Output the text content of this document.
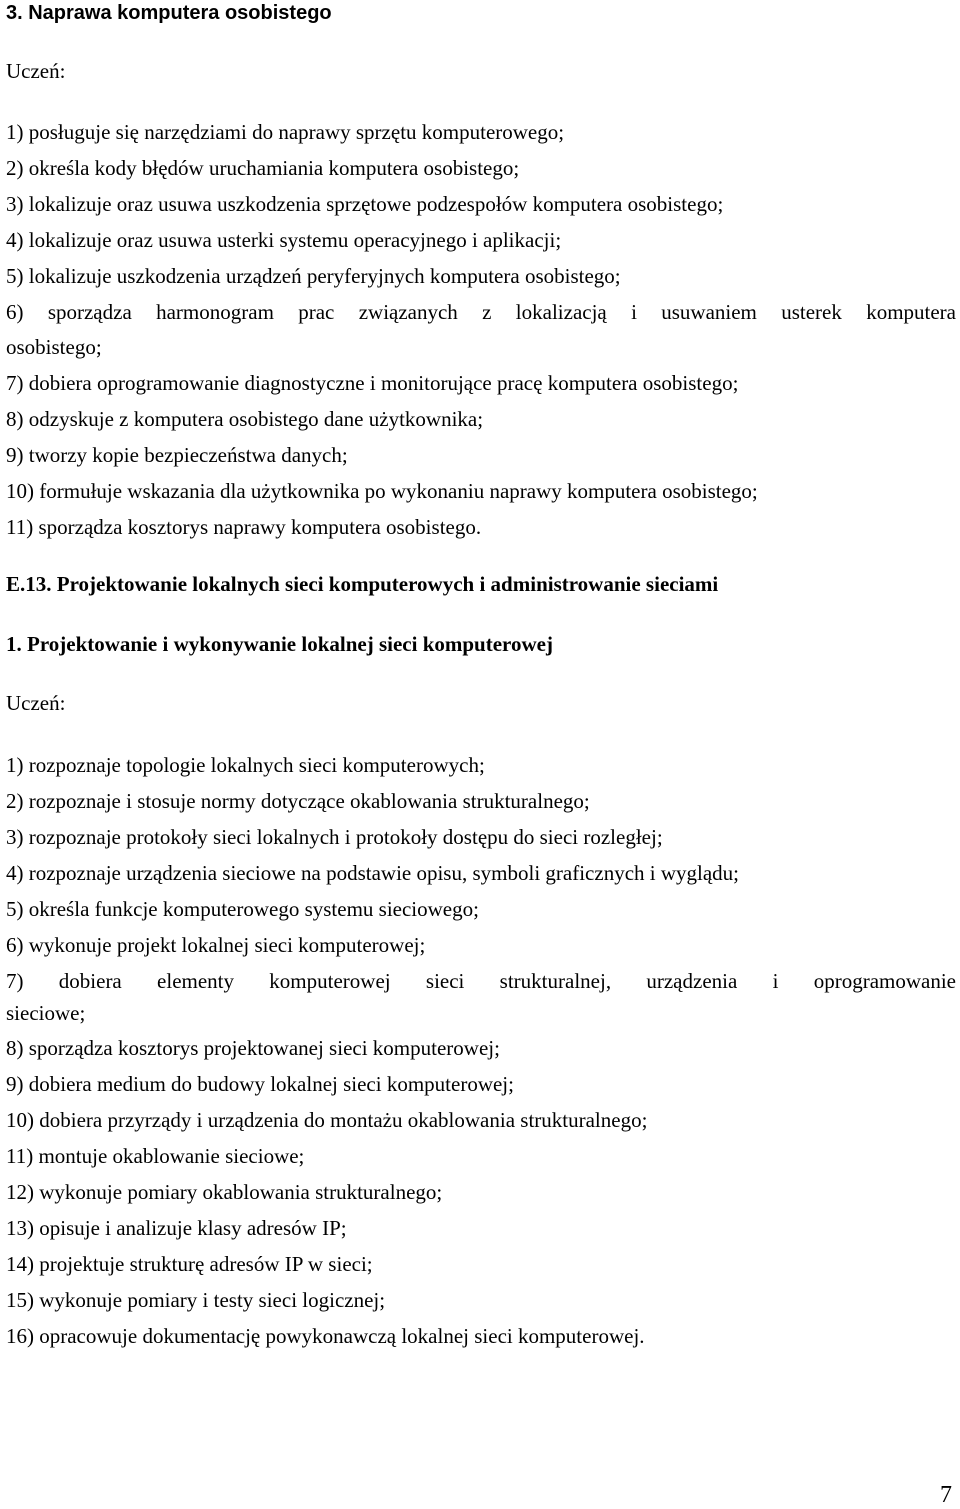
3. Naprawa komputera osobistego
Uczeń:
1) posługuje się narzędziami do naprawy sprzętu komputerowego;
2) określa kody błędów uruchamiania komputera osobistego;
3) lokalizuje oraz usuwa uszkodzenia sprzętowe podzespołów komputera osobistego;
4) lokalizuje oraz usuwa usterki systemu operacyjnego i aplikacji;
5) lokalizuje uszkodzenia urządzeń peryferyjnych komputera osobistego;
6) sporządza harmonogram prac związanych z lokalizacją i usuwaniem usterek komputera
osobistego;
7) dobiera oprogramowanie diagnostyczne i monitorujące pracę komputera osobistego;
8) odzyskuje z komputera osobistego dane użytkownika;
9) tworzy kopie bezpieczeństwa danych;
10) formułuje wskazania dla użytkownika po wykonaniu naprawy komputera osobistego;
11) sporządza kosztorys naprawy komputera osobistego.
E.13. Projektowanie lokalnych sieci komputerowych i administrowanie sieciami
1. Projektowanie i wykonywanie lokalnej sieci komputerowej
Uczeń:
1) rozpoznaje topologie lokalnych sieci komputerowych;
2) rozpoznaje i stosuje normy dotyczące okablowania strukturalnego;
3) rozpoznaje protokoły sieci lokalnych i protokoły dostępu do sieci rozległej;
4) rozpoznaje urządzenia sieciowe na podstawie opisu, symboli graficznych i wyglądu;
5) określa funkcje komputerowego systemu sieciowego;
6) wykonuje projekt lokalnej sieci komputerowej;
7) dobiera elementy komputerowej sieci strukturalnej, urządzenia i oprogramowanie
sieciowe;
8) sporządza kosztorys projektowanej sieci komputerowej;
9) dobiera medium do budowy lokalnej sieci komputerowej;
10) dobiera przyrządy i urządzenia do montażu okablowania strukturalnego;
11) montuje okablowanie sieciowe;
12) wykonuje pomiary okablowania strukturalnego;
13) opisuje i analizuje klasy adresów IP;
14) projektuje strukturę adresów IP w sieci;
15) wykonuje pomiary i testy sieci logicznej;
16) opracowuje dokumentację powykonawczą lokalnej sieci komputerowej.
7
